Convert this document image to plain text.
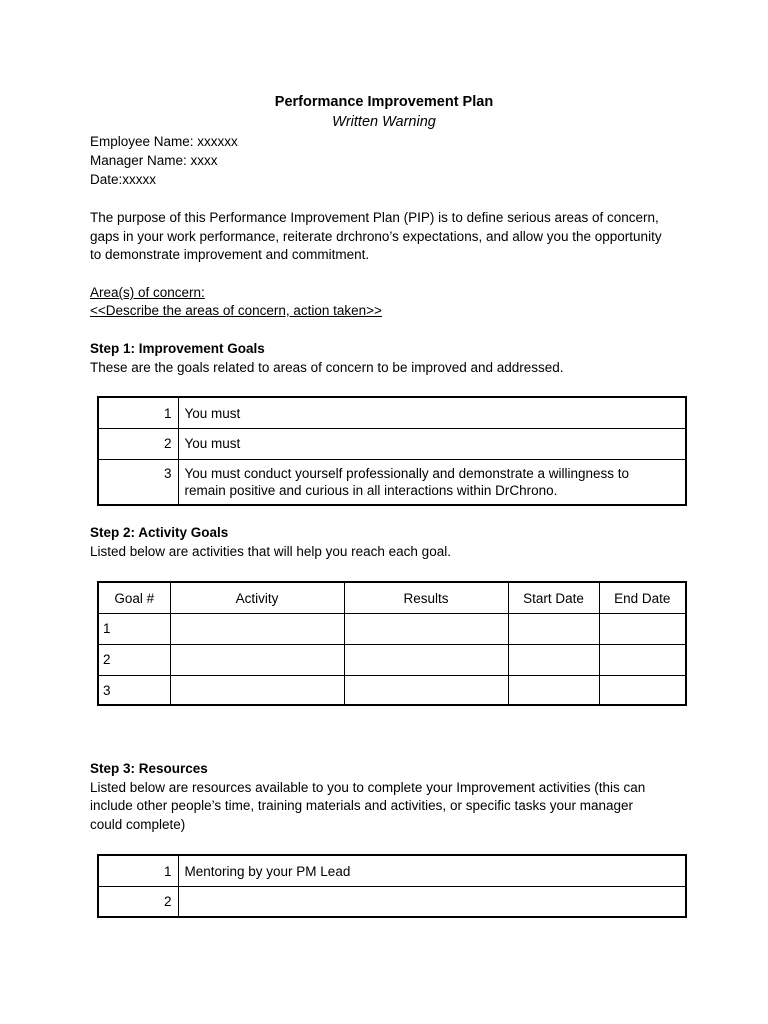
Performance Improvement Plan
Written Warning
Employee Name: xxxxxx
Manager Name: xxxx
Date:xxxxx
The purpose of this Performance Improvement Plan (PIP) is to define serious areas of concern,
gaps in your work performance, reiterate drchrono’s expectations, and allow you the opportunity
to demonstrate improvement and commitment.
Area(s) of concern:
<<Describe the areas of concern, action taken>>
Step 1: Improvement Goals
These are the goals related to areas of concern to be improved and addressed.
1	You must
2	You must
3	You must conduct yourself professionally and demonstrate a willingness to
remain positive and curious in all interactions within DrChrono.
Step 2: Activity Goals
Listed below are activities that will help you reach each goal.
Goal #	Activity	Results	Start Date	End Date
1				
2				
3				
Step 3: Resources
Listed below are resources available to you to complete your Improvement activities (this can
include other people’s time, training materials and activities, or specific tasks your manager
could complete)
1	Mentoring by your PM Lead
2	
